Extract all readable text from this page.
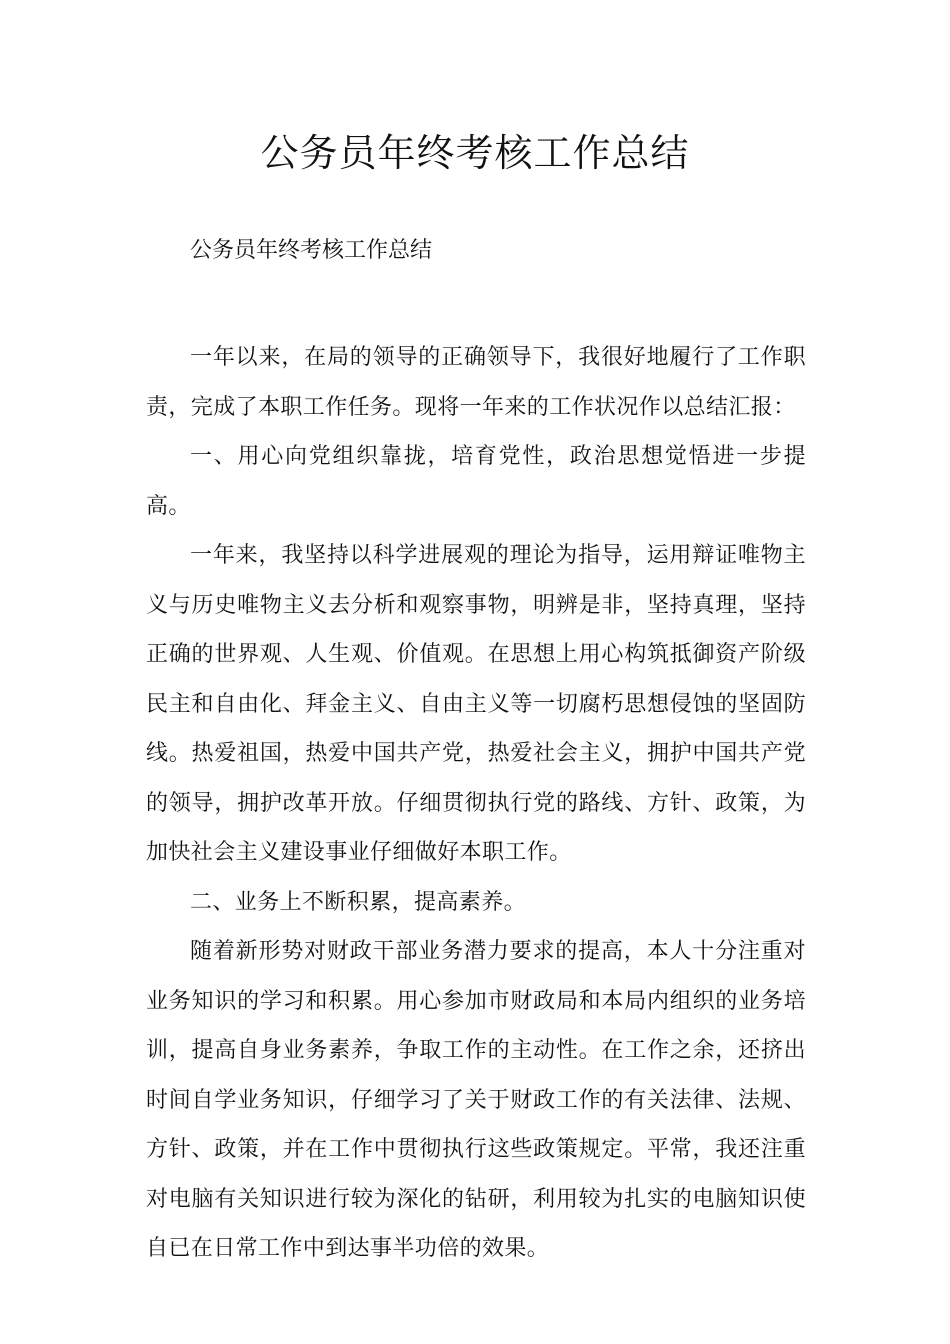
公务员年终考核工作总结

公务员年终考核工作总结

一年以来，在局的领导的正确领导下，我很好地履行了工作职责，完成了本职工作任务。现将一年来的工作状况作以总结汇报：

一、用心向党组织靠拢，培育党性，政治思想觉悟进一步提高。

一年来，我坚持以科学进展观的理论为指导，运用辩证唯物主义与历史唯物主义去分析和观察事物，明辨是非，坚持真理，坚持正确的世界观、人生观、价值观。在思想上用心构筑抵御资产阶级民主和自由化、拜金主义、自由主义等一切腐朽思想侵蚀的坚固防线。热爱祖国，热爱中国共产党，热爱社会主义，拥护中国共产党的领导，拥护改革开放。仔细贯彻执行党的路线、方针、政策，为加快社会主义建设事业仔细做好本职工作。

二、业务上不断积累，提高素养。

随着新形势对财政干部业务潜力要求的提高，本人十分注重对业务知识的学习和积累。用心参加市财政局和本局内组织的业务培训，提高自身业务素养，争取工作的主动性。在工作之余，还挤出时间自学业务知识，仔细学习了关于财政工作的有关法律、法规、方针、政策，并在工作中贯彻执行这些政策规定。平常，我还注重对电脑有关知识进行较为深化的钻研，利用较为扎实的电脑知识使自已在日常工作中到达事半功倍的效果。
